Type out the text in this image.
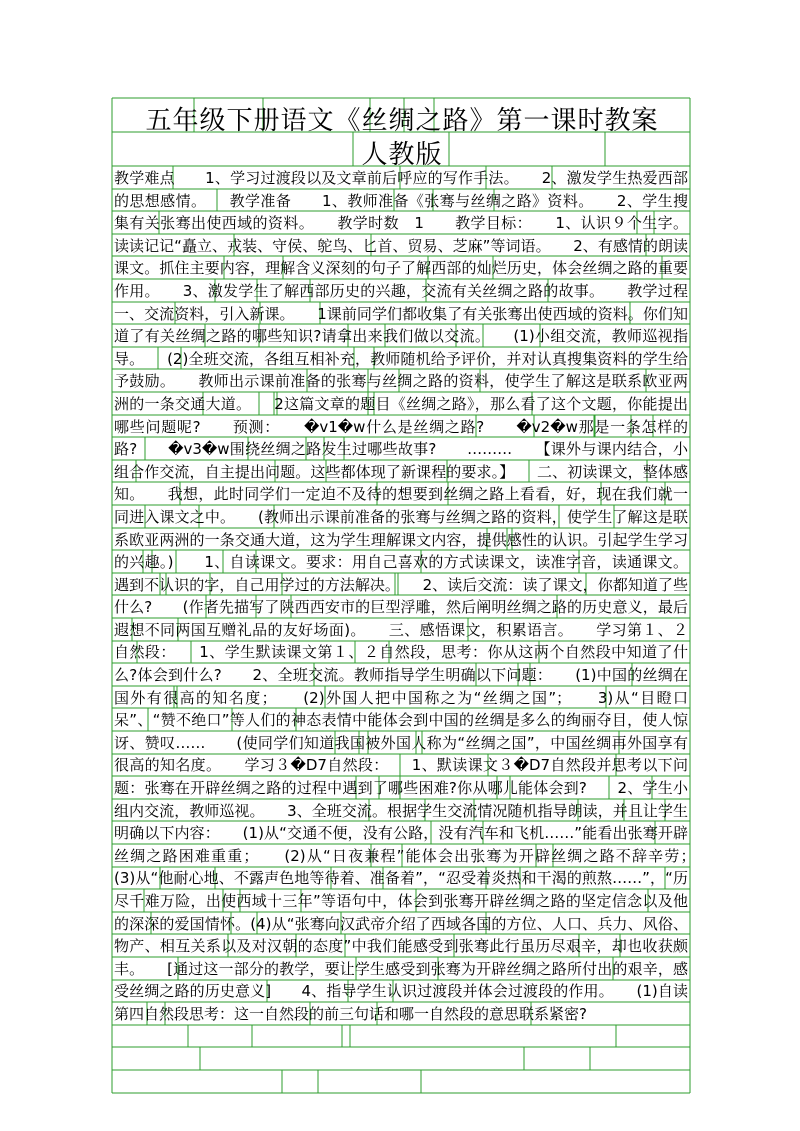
五年级下册语文《丝绸之路》第一课时教案
人教版

教学难点　　1、学习过渡段以及文章前后呼应的写作手法。　　2、激发学生热爱西部的思想感情。　　教学准备　　1、教师准备《张骞与丝绸之路》资料。　　2、学生搜集有关张骞出使西域的资料。　　教学时数　1　　教学目标：　　1、认识９个生字。读读记记“矗立、戎装、守侯、鸵鸟、匕首、贸易、芝麻”等词语。　　2、有感情的朗读课文。抓住主要内容，理解含义深刻的句子了解西部的灿烂历史，体会丝绸之路的重要作用。　　3、激发学生了解西部历史的兴趣，交流有关丝绸之路的故事。　　教学过程　　一、交流资料，引入新课。　　1课前同学们都收集了有关张骞出使西域的资料。你们知道了有关丝绸之路的哪些知识?请拿出来我们做以交流。　　(1)小组交流，教师巡视指导。　　(2)全班交流，各组互相补充，教师随机给予评价，并对认真搜集资料的学生给予鼓励。　　教师出示课前准备的张骞与丝绸之路的资料，使学生了解这是联系欧亚两洲的一条交通大道。　　2这篇文章的题目《丝绸之路》，那么看了这个文题，你能提出哪些问题呢?　　预测：　　�v1�w什么是丝绸之路?　　�v2�w那是一条怎样的路?　　�v3�w围绕丝绸之路发生过哪些故事?　　………　　【课外与课内结合，小组合作交流，自主提出问题。这些都体现了新课程的要求。】　　二、初读课文，整体感知。　　我想，此时同学们一定迫不及待的想要到丝绸之路上看看，好，现在我们就一同进入课文之中。　　(教师出示课前准备的张骞与丝绸之路的资料，使学生了解这是联系欧亚两洲的一条交通大道，这为学生理解课文内容，提供感性的认识。引起学生学习的兴趣。)　　1、自读课文。要求：用自己喜欢的方式读课文，读准字音，读通课文。遇到不认识的字，自己用学过的方法解决。　　2、读后交流：读了课文，你都知道了些什么?　　(作者先描写了陕西西安市的巨型浮雕，然后阐明丝绸之路的历史意义，最后遐想不同两国互赠礼品的友好场面)。　　三、感悟课文，积累语言。　　学习第１、２自然段：　　1、学生默读课文第１、２自然段，思考：你从这两个自然段中知道了什么?体会到什么?　　2、全班交流。教师指导学生明确以下问题：　　(1)中国的丝绸在国外有很高的知名度；　　(2)外国人把中国称之为“丝绸之国”；　　3)从“目瞪口呆”、“赞不绝口”等人们的神态表情中能体会到中国的丝绸是多么的绚丽夺目，使人惊讶、赞叹……　　(使同学们知道我国被外国人称为“丝绸之国”，中国丝绸再外国享有很高的知名度。　　学习３�D7自然段：　　1、默读课文３�D7自然段并思考以下问题：张骞在开辟丝绸之路的过程中遇到了哪些困难?你从哪儿能体会到?　　2、学生小组内交流，教师巡视。　　3、全班交流。根据学生交流情况随机指导朗读，并且让学生明确以下内容：　　(1)从“交通不便，没有公路，没有汽车和飞机……”能看出张骞开辟丝绸之路困难重重；　　(2)从“日夜兼程”能体会出张骞为开辟丝绸之路不辞辛劳；　　(3)从“他耐心地、不露声色地等待着、准备着”，“忍受着炎热和干渴的煎熬……”，“历尽千难万险，出使西域十三年”等语句中，体会到张骞开辟丝绸之路的坚定信念以及他的深深的爱国情怀。(4)从“张骞向汉武帝介绍了西域各国的方位、人口、兵力、风俗、物产、相互关系以及对汉朝的态度”中我们能感受到张骞此行虽历尽艰辛，却也收获颇丰。　　[通过这一部分的教学，要让学生感受到张骞为开辟丝绸之路所付出的艰辛，感受丝绸之路的历史意义]　　4、指导学生认识过渡段并体会过渡段的作用。　　(1)自读第四自然段思考：这一自然段的前三句话和哪一自然段的意思联系紧密?
